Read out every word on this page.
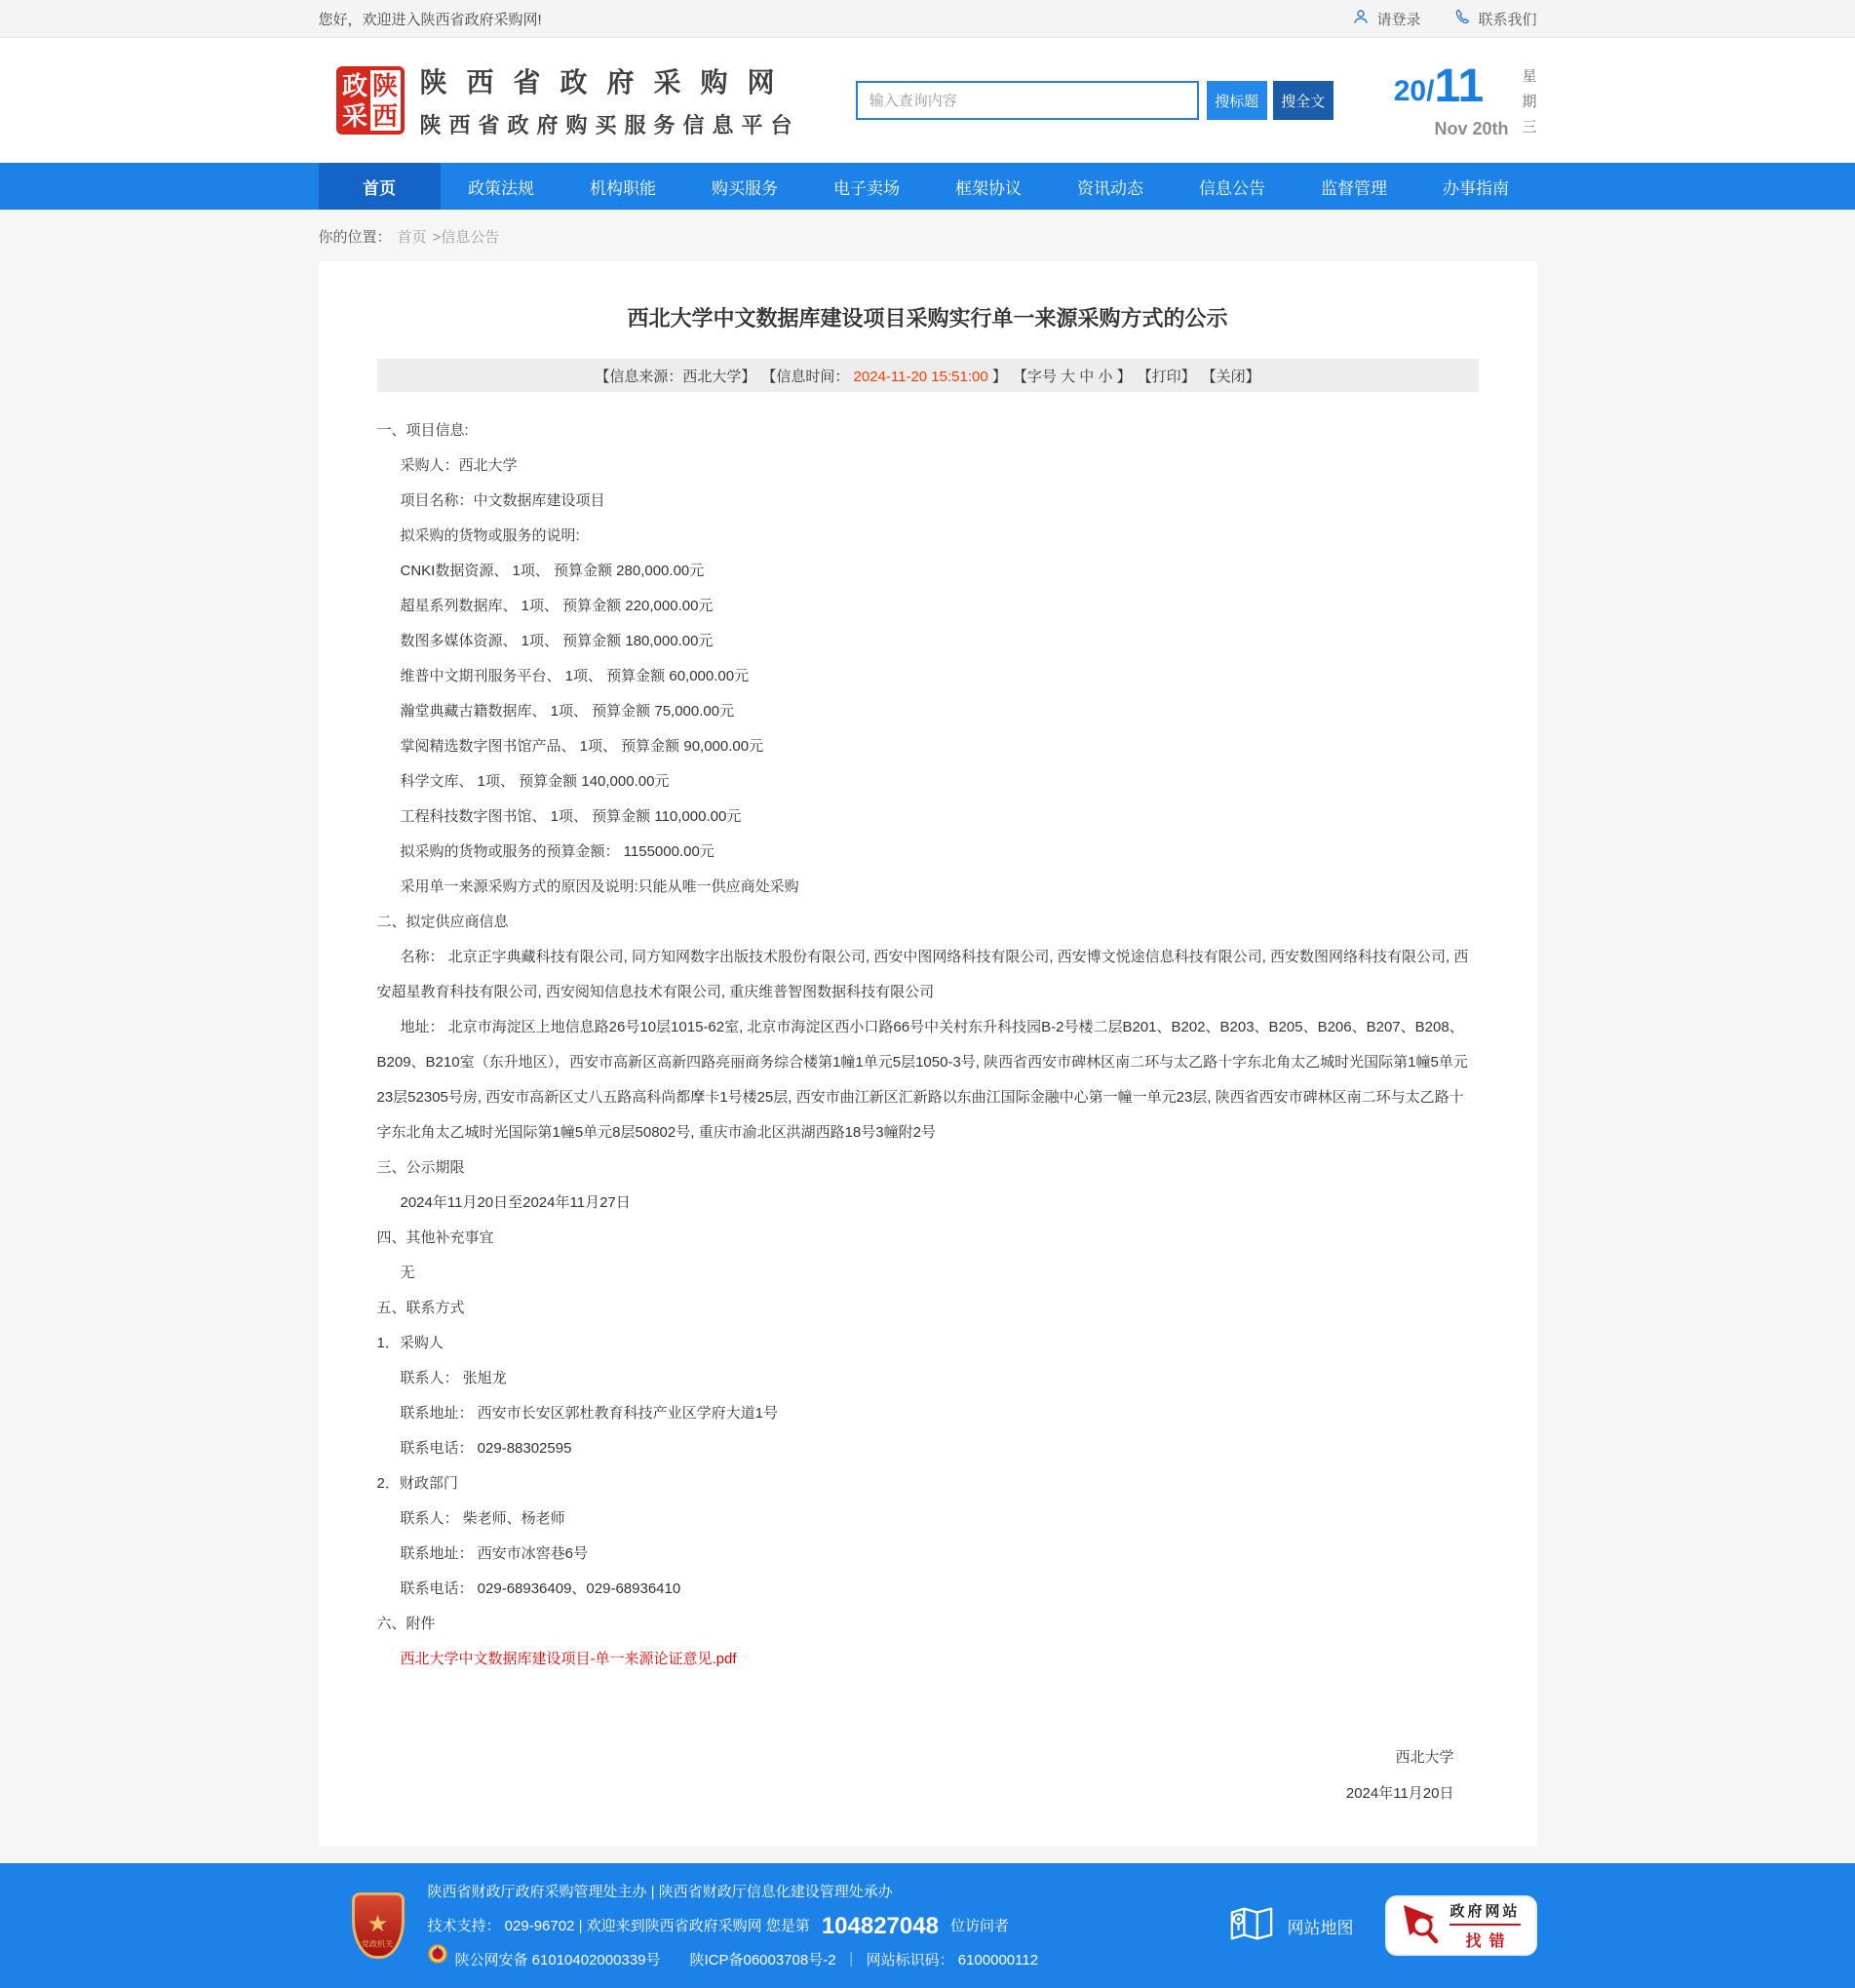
您好，欢迎进入陕西省政府采购网!	请登录	联系我们
政 陕
采 西
陕西省政府采购网
陕西省政府购买服务信息平台
输入查询内容
搜标题	搜全文 20 / 11
Nov 20th
星
期
三
首页	政策法规	机构职能	购买服务	电子卖场	框架协议	资讯动态	信息公告	监督管理	办事指南
你的位置： 首页 >信息公告
西北大学中文数据库建设项目采购实行单一来源采购方式的公示
【信息来源：西北大学】 【信息时间： 2024-11-20 15:51:00 】 【字号 大 中 小 】 【打印】 【关闭】

一、项目信息:

采购人：西北大学

项目名称：中文数据库建设项目

拟采购的货物或服务的说明:

CNKI数据资源、 1项、 预算金额 280,000.00元

超星系列数据库、 1项、 预算金额 220,000.00元

数图多媒体资源、 1项、 预算金额 180,000.00元

维普中文期刊服务平台、 1项、 预算金额 60,000.00元

瀚堂典藏古籍数据库、 1项、 预算金额 75,000.00元

掌阅精选数字图书馆产品、 1项、 预算金额 90,000.00元

科学文库、 1项、 预算金额 140,000.00元

工程科技数字图书馆、 1项、 预算金额 110,000.00元

拟采购的货物或服务的预算金额： 1155000.00元

采用单一来源采购方式的原因及说明:只能从唯一供应商处采购

二、拟定供应商信息

名称： 北京正字典藏科技有限公司, 同方知网数字出版技术股份有限公司, 西安中图网络科技有限公司, 西安博文悦途信息科技有限公司, 西安数图网络科技有限公司, 西安超星教育科技有限公司, 西安阅知信息技术有限公司, 重庆维普智图数据科技有限公司

地址： 北京市海淀区上地信息路26号10层1015-62室, 北京市海淀区西小口路66号中关村东升科技园B-2号楼二层B201、B202、B203、B205、B206、B207、B208、B209、B210室（东升地区），西安市高新区高新四路亮丽商务综合楼第1幢1单元5层1050-3号, 陕西省西安市碑林区南二环与太乙路十字东北角太乙城时光国际第1幢5单元 23层52305号房, 西安市高新区丈八五路高科尚都摩卡1号楼25层, 西安市曲江新区汇新路以东曲江国际金融中心第一幢一单元23层, 陕西省西安市碑林区南二环与太乙路十字东北角太乙城时光国际第1幢5单元8层50802号, 重庆市渝北区洪湖西路18号3幢附2号

三、公示期限

2024年11月20日至2024年11月27日

四、其他补充事宜

无

五、联系方式

1．采购人

联系人： 张旭龙

联系地址： 西安市长安区郭杜教育科技产业区学府大道1号

联系电话： 029-88302595

2．财政部门

联系人： 柴老师、杨老师

联系地址： 西安市冰窖巷6号

联系电话： 029-68936409、029-68936410

六、附件

西北大学中文数据库建设项目-单一来源论证意见.pdf

西北大学
2024年11月20日
★
党政机关
陕西省财政厅政府采购管理处主办 | 陕西省财政厅信息化建设管理处承办
技术支持： 029-96702 | 欢迎来到陕西省政府采购网 您是第 104827048 位访问者
陕公网安备 61010402000339号 陕ICP备06003708号-2 ｜ 网站标识码： 6100000112
网站地图
政府网站
找错
